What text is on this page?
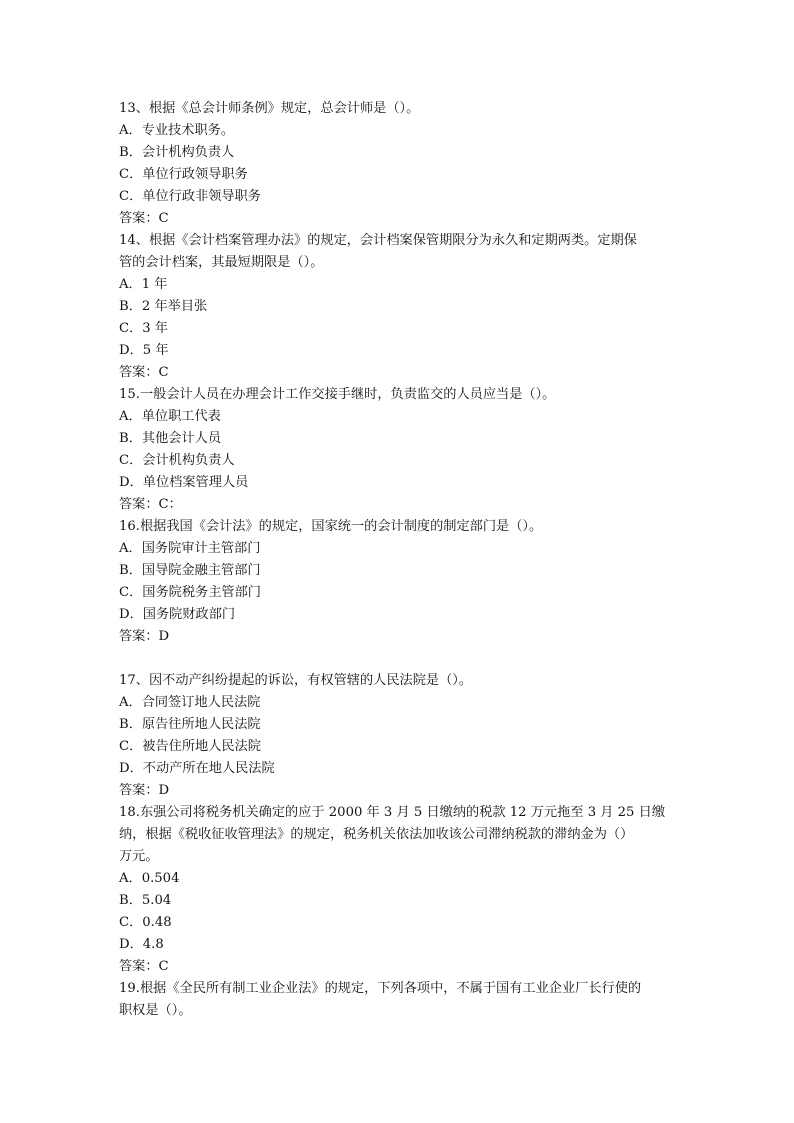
13、根据《总会计师条例》规定，总会计师是（）。
A．专业技术职务。
B．会计机构负责人
C．单位行政领导职务
C．单位行政非领导职务
答案：C
14、根据《会计档案管理办法》的规定，会计档案保管期限分为永久和定期两类。定期保
管的会计档案，其最短期限是（）。
A．1 年
B．2 年举目张
C．3 年
D．5 年
答案：C
15.一般会计人员在办理会计工作交接手继时，负责监交的人员应当是（）。
A．单位职工代表
B．其他会计人员
C．会计机构负责人
D．单位档案管理人员
答案：C：
16.根据我国《会计法》的规定，国家统一的会计制度的制定部门是（）。
A．国务院审计主管部门
B．国导院金融主管部门
C．国务院税务主管部门
D．国务院财政部门
答案：D
17、因不动产纠纷提起的诉讼，有权管辖的人民法院是（）。
A．合同签订地人民法院
B．原告往所地人民法院
C．被告住所地人民法院
D．不动产所在地人民法院
答案：D
18.东强公司将税务机关确定的应于 2000 年 3 月 5 日缴纳的税款 12 万元拖至 3 月 25 日缴
纳，根据《税收征收管理法》的规定，税务机关依法加收该公司滞纳税款的滞纳金为（）
万元。
A．0.504
B．5.04
C．0.48
D．4.8
答案：C
19.根据《全民所有制工业企业法》的规定，下列各项中，不属于国有工业企业厂长行使的
职权是（）。
